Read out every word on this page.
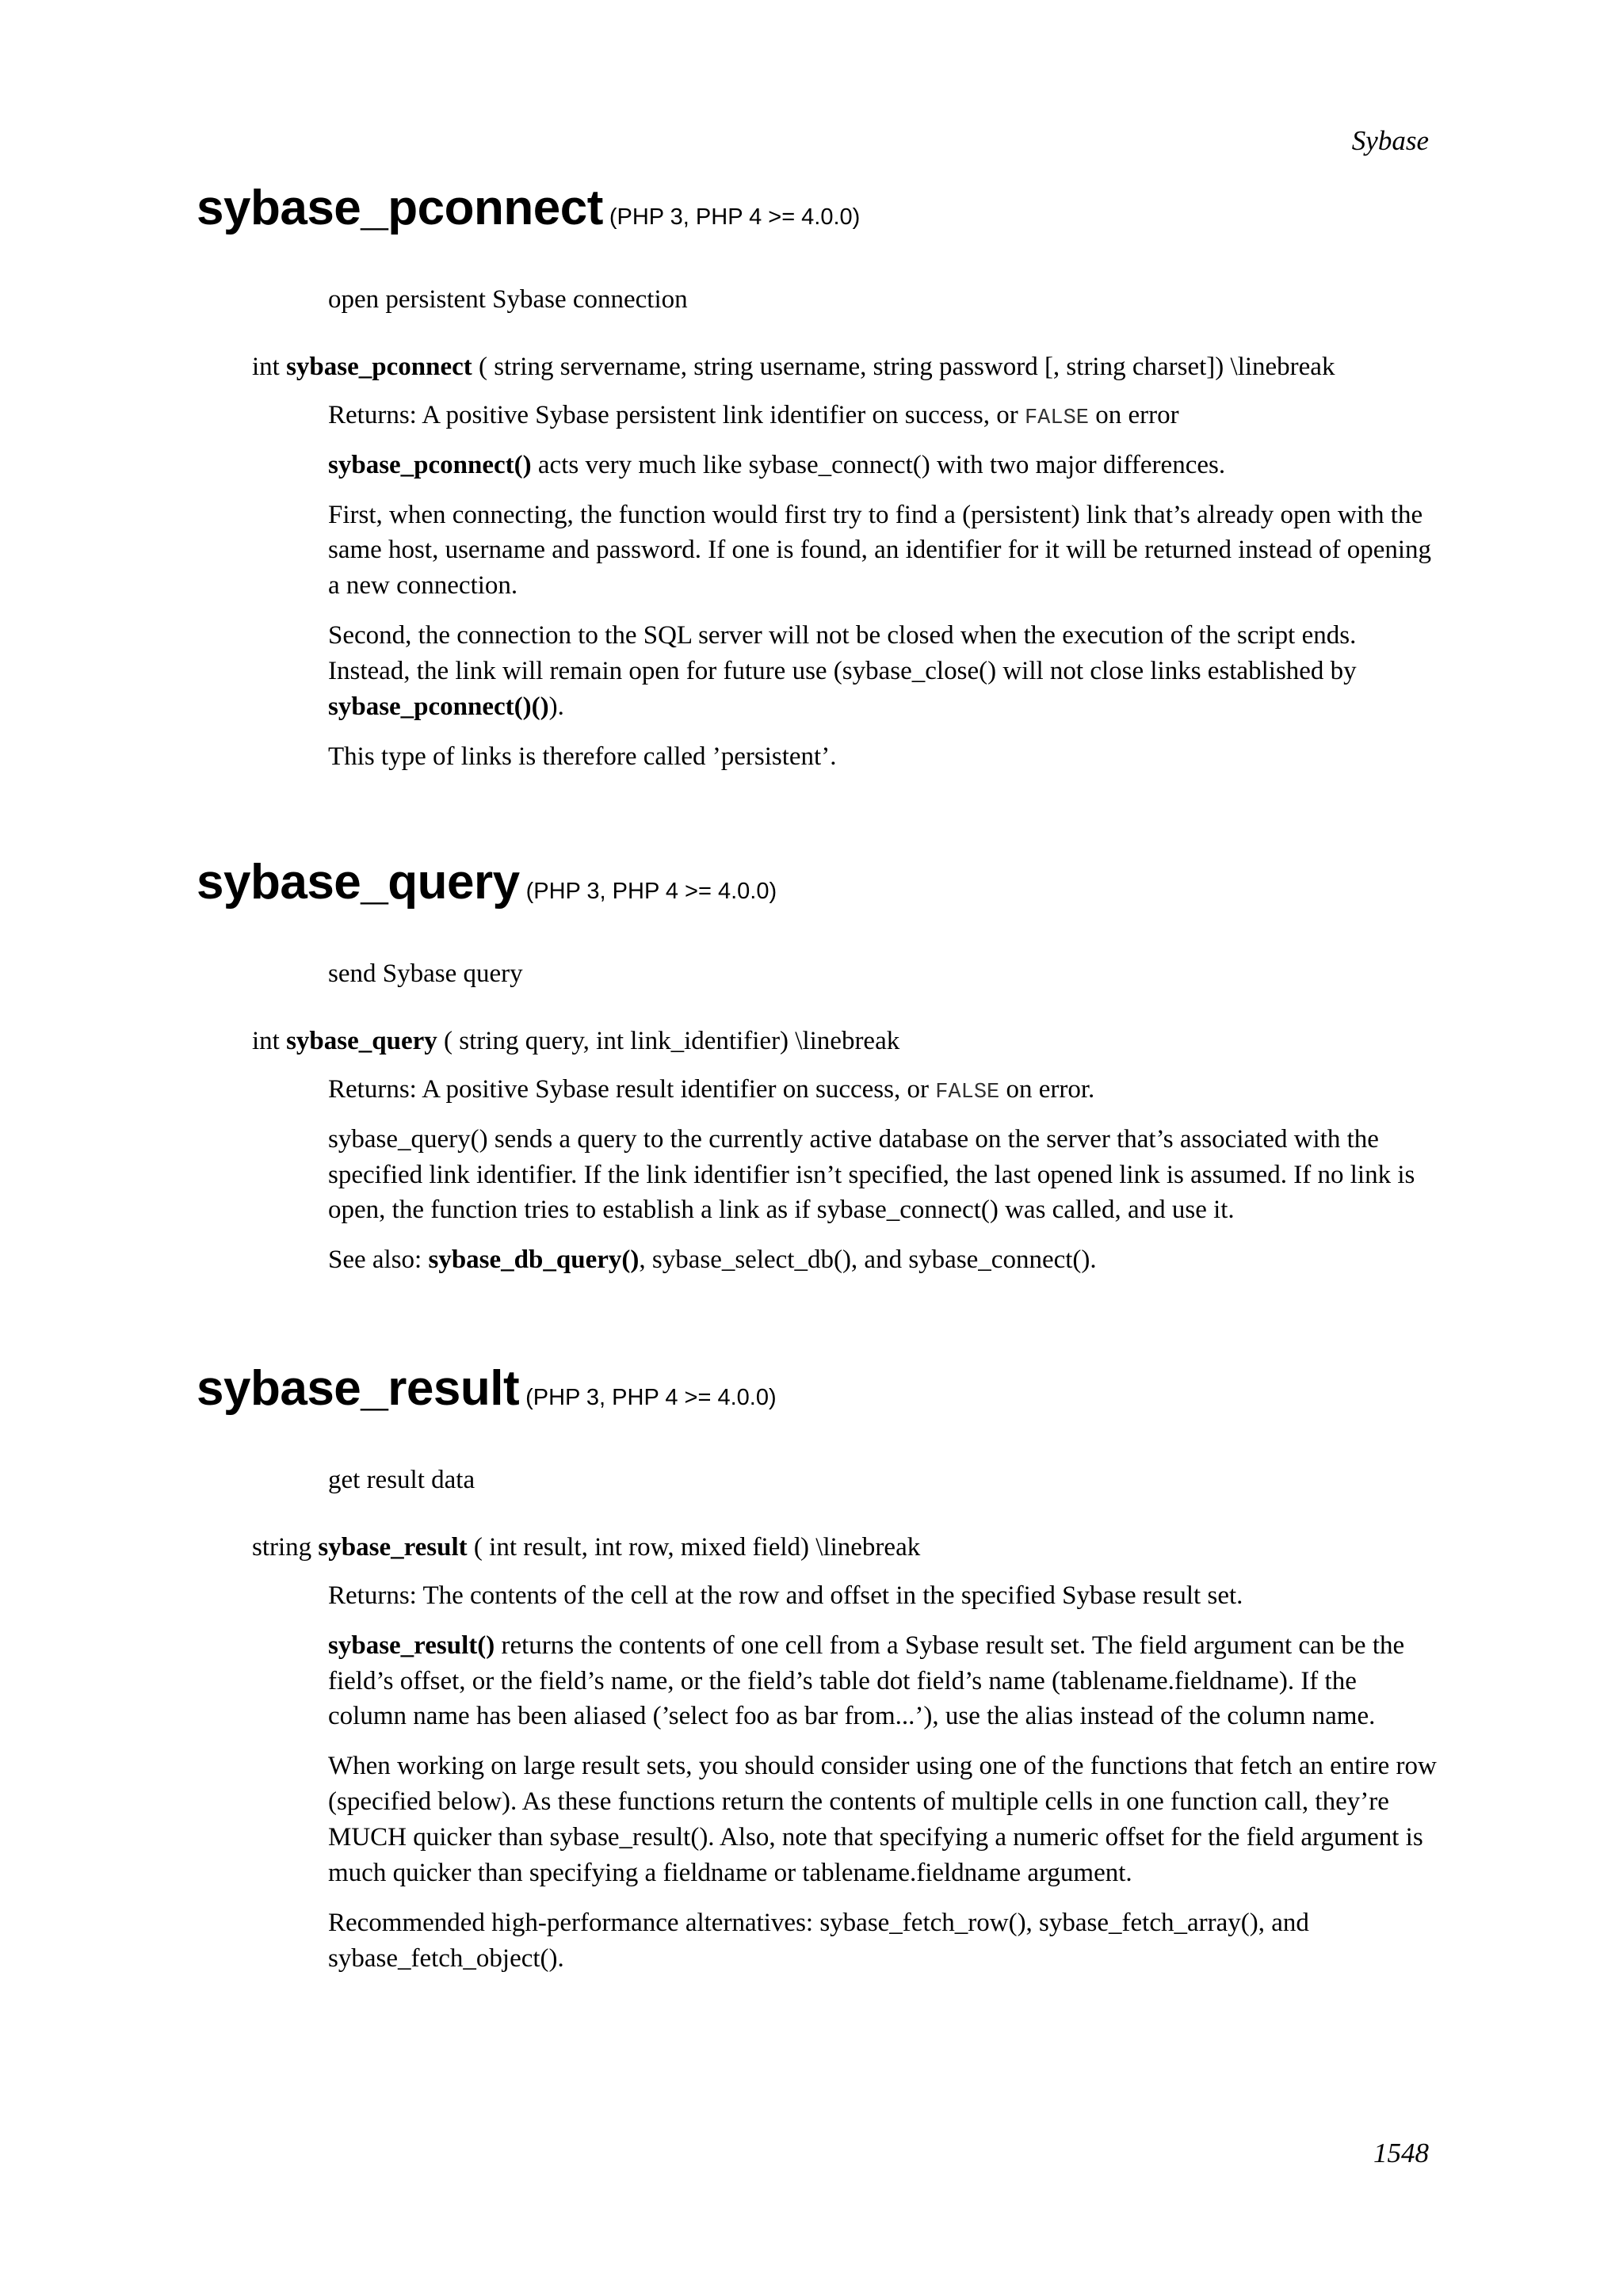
Sybase
sybase_pconnect (PHP 3, PHP 4 >= 4.0.0)
open persistent Sybase connection
int sybase_pconnect ( string servername, string username, string password [, string charset]) \linebreak

Returns: A positive Sybase persistent link identifier on success, or FALSE on error

sybase_pconnect() acts very much like sybase_connect() with two major differences.

First, when connecting, the function would first try to find a (persistent) link that’s already open with the same host, username and password. If one is found, an identifier for it will be returned instead of opening a new connection.

Second, the connection to the SQL server will not be closed when the execution of the script ends. Instead, the link will remain open for future use (sybase_close() will not close links established by sybase_pconnect()()).

This type of links is therefore called ’persistent’.

sybase_query (PHP 3, PHP 4 >= 4.0.0)
send Sybase query
int sybase_query ( string query, int link_identifier) \linebreak

Returns: A positive Sybase result identifier on success, or FALSE on error.

sybase_query() sends a query to the currently active database on the server that’s associated with the specified link identifier. If the link identifier isn’t specified, the last opened link is assumed. If no link is open, the function tries to establish a link as if sybase_connect() was called, and use it.

See also: sybase_db_query(), sybase_select_db(), and sybase_connect().

sybase_result (PHP 3, PHP 4 >= 4.0.0)
get result data
string sybase_result ( int result, int row, mixed field) \linebreak

Returns: The contents of the cell at the row and offset in the specified Sybase result set.

sybase_result() returns the contents of one cell from a Sybase result set. The field argument can be the field’s offset, or the field’s name, or the field’s table dot field’s name (tablename.fieldname). If the column name has been aliased (’select foo as bar from...’), use the alias instead of the column name.

When working on large result sets, you should consider using one of the functions that fetch an entire row (specified below). As these functions return the contents of multiple cells in one function call, they’re MUCH quicker than sybase_result(). Also, note that specifying a numeric offset for the field argument is much quicker than specifying a fieldname or tablename.fieldname argument.

Recommended high-performance alternatives: sybase_fetch_row(), sybase_fetch_array(), and sybase_fetch_object().

1548
